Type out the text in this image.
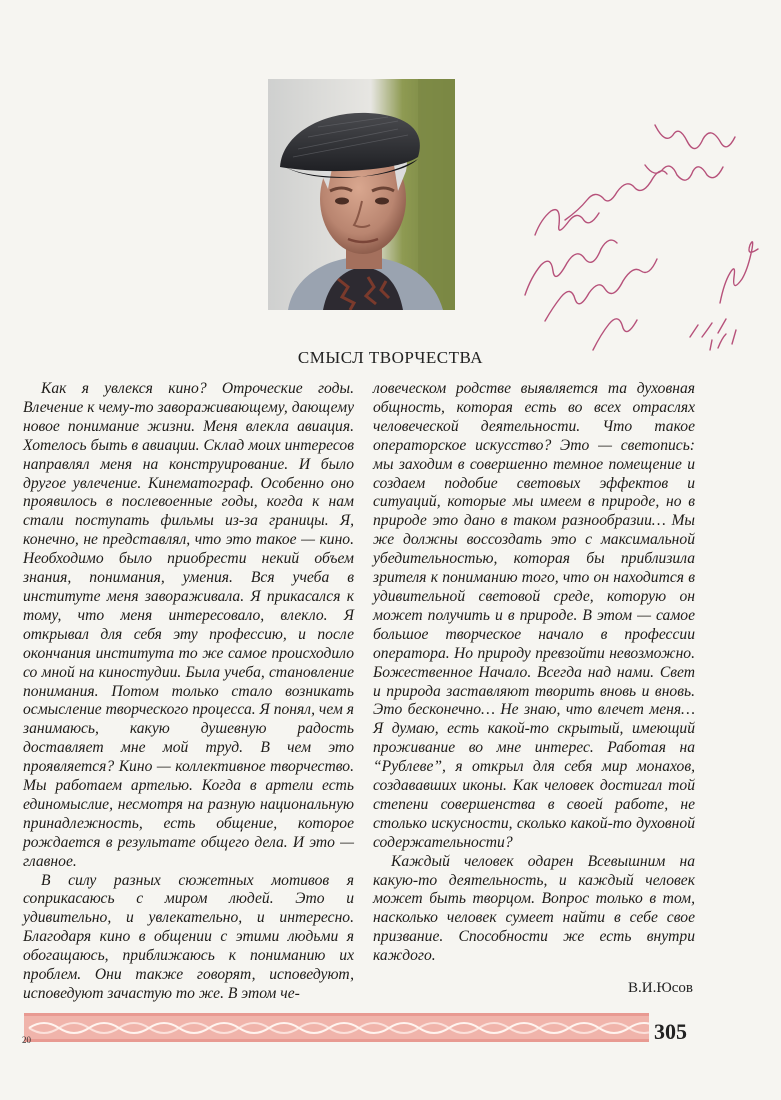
СМЫСЛ ТВОРЧЕСТВА

Как я увлекся кино? Отроческие годы. Влечение к чему-то завораживающему, дающему новое понимание жизни. Меня влекла авиация. Хотелось быть в авиации. Склад моих интересов направлял меня на конструирование. И было другое увлечение. Кинематограф. Особенно оно проявилось в послевоенные годы, когда к нам стали поступать фильмы из-за границы. Я, конечно, не представлял, что это такое — кино. Необходимо было приобрести некий объем знания, понимания, умения. Вся учеба в институте меня завораживала. Я прикасался к тому, что меня интересовало, влекло. Я открывал для себя эту профессию, и после окончания института то же самое происходило со мной на киностудии. Была учеба, становление понимания. Потом только стало возникать осмысление творческого процесса. Я понял, чем я занимаюсь, какую душевную радость доставляет мне мой труд. В чем это проявляется? Кино — коллективное творчество. Мы работаем артелью. Когда в артели есть единомыслие, несмотря на разную национальную принадлежность, есть общение, которое рождается в результате общего дела. И это — главное.

В силу разных сюжетных мотивов я соприкасаюсь с миром людей. Это и удивительно, и увлекательно, и интересно. Благодаря кино в общении с этими людьми я обогащаюсь, приближаюсь к пониманию их проблем. Они также говорят, исповедуют, исповедуют зачастую то же. В этом че-

ловеческом родстве выявляется та духовная общность, которая есть во всех отраслях человеческой деятельности. Что такое операторское искусство? Это — светопись: мы заходим в совершенно темное помещение и создаем подобие световых эффектов и ситуаций, которые мы имеем в природе, но в природе это дано в таком разнообразии… Мы же должны воссоздать это с максимальной убедительностью, которая бы приблизила зрителя к пониманию того, что он находится в удивительной световой среде, которую он может получить и в природе. В этом — самое большое творческое начало в профессии оператора. Но природу превзойти невозможно. Божественное Начало. Всегда над нами. Свет и природа заставляют творить вновь и вновь. Это бесконечно… Не знаю, что влечет меня… Я думаю, есть какой-то скрытый, имеющий проживание во мне интерес. Работая на “Рублеве”, я открыл для себя мир монахов, создававших иконы. Как человек достигал той степени совершенства в своей работе, не столько искусности, сколько какой-то духовной содержательности?

Каждый человек одарен Всевышним на какую-то деятельность, и каждый человек может быть творцом. Вопрос только в том, насколько человек сумеет найти в себе свое призвание. Способности же есть внутри каждого.

В.И.Юсов
305
20
